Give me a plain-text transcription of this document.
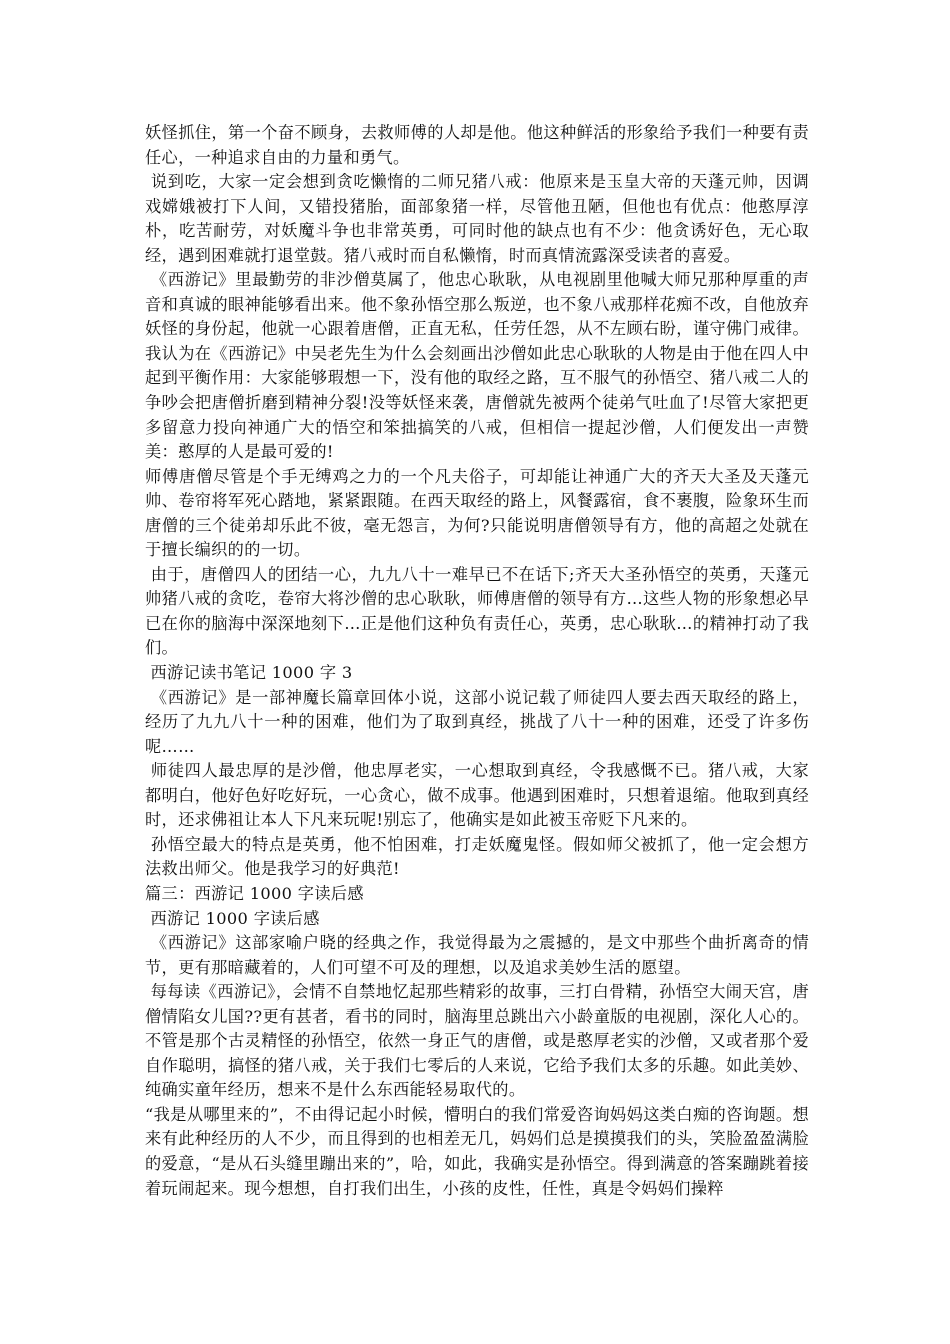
妖怪抓住，第一个奋不顾身，去救师傅的人却是他。他这种鲜活的形象给予我们一种要有责任心，一种追求自由的力量和勇气。

说到吃，大家一定会想到贪吃懒惰的二师兄猪八戒：他原来是玉皇大帝的天蓬元帅，因调戏嫦娥被打下人间，又错投猪胎，面部象猪一样，尽管他丑陋，但他也有优点：他憨厚淳朴，吃苦耐劳，对妖魔斗争也非常英勇，可同时他的缺点也有不少：他贪诱好色，无心取经，遇到困难就打退堂鼓。猪八戒时而自私懒惰，时而真情流露深受读者的喜爱。

《西游记》里最勤劳的非沙僧莫属了，他忠心耿耿，从电视剧里他喊大师兄那种厚重的声音和真诚的眼神能够看出来。他不象孙悟空那么叛逆，也不象八戒那样花痴不改，自他放弃妖怪的身份起，他就一心跟着唐僧，正直无私，任劳任怨，从不左顾右盼，谨守佛门戒律。我认为在《西游记》中吴老先生为什么会刻画出沙僧如此忠心耿耿的人物是由于他在四人中起到平衡作用：大家能够瑕想一下，没有他的取经之路，互不服气的孙悟空、猪八戒二人的争吵会把唐僧折磨到精神分裂!没等妖怪来袭，唐僧就先被两个徒弟气吐血了!尽管大家把更多留意力投向神通广大的悟空和笨拙搞笑的八戒，但相信一提起沙僧，人们便发出一声赞美：憨厚的人是最可爱的!

师傅唐僧尽管是个手无缚鸡之力的一个凡夫俗子，可却能让神通广大的齐天大圣及天蓬元帅、卷帘将军死心踏地，紧紧跟随。在西天取经的路上，风餐露宿，食不裹腹，险象环生而唐僧的三个徒弟却乐此不彼，毫无怨言，为何?只能说明唐僧领导有方，他的高超之处就在于擅长编织的的一切。

由于，唐僧四人的团结一心，九九八十一难早已不在话下;齐天大圣孙悟空的英勇，天蓬元帅猪八戒的贪吃，卷帘大将沙僧的忠心耿耿，师傅唐僧的领导有方…这些人物的形象想必早已在你的脑海中深深地刻下…正是他们这种负有责任心，英勇，忠心耿耿…的精神打动了我们。

西游记读书笔记 1000 字 3

《西游记》是一部神魔长篇章回体小说，这部小说记载了师徒四人要去西天取经的路上，经历了九九八十一种的困难，他们为了取到真经，挑战了八十一种的困难，还受了许多伤呢……

师徒四人最忠厚的是沙僧，他忠厚老实，一心想取到真经，令我感慨不已。猪八戒，大家都明白，他好色好吃好玩，一心贪心，做不成事。他遇到困难时，只想着退缩。他取到真经时，还求佛祖让本人下凡来玩呢!别忘了，他确实是如此被玉帝贬下凡来的。

孙悟空最大的特点是英勇，他不怕困难，打走妖魔鬼怪。假如师父被抓了，他一定会想方法救出师父。他是我学习的好典范!

篇三：西游记 1000 字读后感

西游记 1000 字读后感

《西游记》这部家喻户晓的经典之作，我觉得最为之震撼的，是文中那些个曲折离奇的情节，更有那暗藏着的，人们可望不可及的理想，以及追求美妙生活的愿望。

每每读《西游记》，会情不自禁地忆起那些精彩的故事，三打白骨精，孙悟空大闹天宫，唐僧情陷女儿国??更有甚者，看书的同时，脑海里总跳出六小龄童版的电视剧，深化人心的。不管是那个古灵精怪的孙悟空，依然一身正气的唐僧，或是憨厚老实的沙僧，又或者那个爱自作聪明，搞怪的猪八戒，关于我们七零后的人来说，它给予我们太多的乐趣。如此美妙、纯确实童年经历，想来不是什么东西能轻易取代的。

“我是从哪里来的”，不由得记起小时候，懵明白的我们常爱咨询妈妈这类白痴的咨询题。想来有此种经历的人不少，而且得到的也相差无几，妈妈们总是摸摸我们的头，笑脸盈盈满脸的爱意，“是从石头缝里蹦出来的”，哈，如此，我确实是孙悟空。得到满意的答案蹦跳着接着玩闹起来。现今想想，自打我们出生，小孩的皮性，任性，真是令妈妈们操粹
